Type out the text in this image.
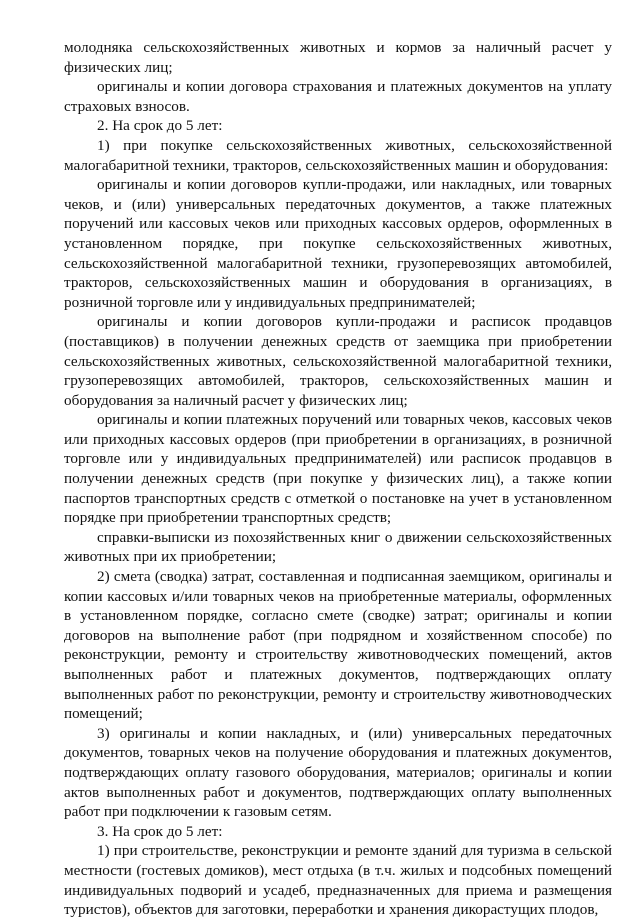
молодняка сельскохозяйственных животных и кормов за наличный расчет у физических лиц;

оригиналы и копии договора страхования и платежных документов на уплату страховых взносов.

2. На срок до 5 лет:

1) при покупке сельскохозяйственных животных, сельскохозяйственной малогабаритной техники, тракторов, сельскохозяйственных машин и оборудования:

оригиналы и копии договоров купли-продажи, или накладных, или товарных чеков, и (или) универсальных передаточных документов, а также платежных поручений или кассовых чеков или приходных кассовых ордеров, оформленных в установленном порядке, при покупке сельскохозяйственных животных, сельскохозяйственной малогабаритной техники, грузоперевозящих автомобилей, тракторов, сельскохозяйственных машин и оборудования в организациях, в розничной торговле или у индивидуальных предпринимателей;

оригиналы и копии договоров купли-продажи и расписок продавцов (поставщиков) в получении денежных средств от заемщика при приобретении сельскохозяйственных животных, сельскохозяйственной малогабаритной техники, грузоперевозящих автомобилей, тракторов, сельскохозяйственных машин и оборудования за наличный расчет у физических лиц;

оригиналы и копии платежных поручений или товарных чеков, кассовых чеков или приходных кассовых ордеров (при приобретении в организациях, в розничной торговле или у индивидуальных предпринимателей) или расписок продавцов в получении денежных средств (при покупке у физических лиц), а также копии паспортов транспортных средств с отметкой о постановке на учет в установленном порядке при приобретении транспортных средств;

справки-выписки из похозяйственных книг о движении сельскохозяйственных животных при их приобретении;

2) смета (сводка) затрат, составленная и подписанная заемщиком, оригиналы и копии кассовых и/или товарных чеков на приобретенные материалы, оформленных в установленном порядке, согласно смете (сводке) затрат; оригиналы и копии договоров на выполнение работ (при подрядном и хозяйственном способе) по реконструкции, ремонту и строительству животноводческих помещений, актов выполненных работ и платежных документов, подтверждающих оплату выполненных работ по реконструкции, ремонту и строительству животноводческих помещений;

3) оригиналы и копии накладных, и (или) универсальных передаточных документов, товарных чеков на получение оборудования и платежных документов, подтверждающих оплату газового оборудования, материалов; оригиналы и копии актов выполненных работ и документов, подтверждающих оплату выполненных работ при подключении к газовым сетям.

3. На срок до 5 лет:

1) при строительстве, реконструкции и ремонте зданий для туризма в сельской местности (гостевых домиков), мест отдыха (в т.ч. жилых и подсобных помещений индивидуальных подворий и усадеб, предназначенных для приема и размещения туристов), объектов для заготовки, переработки и хранения дикорастущих плодов,
